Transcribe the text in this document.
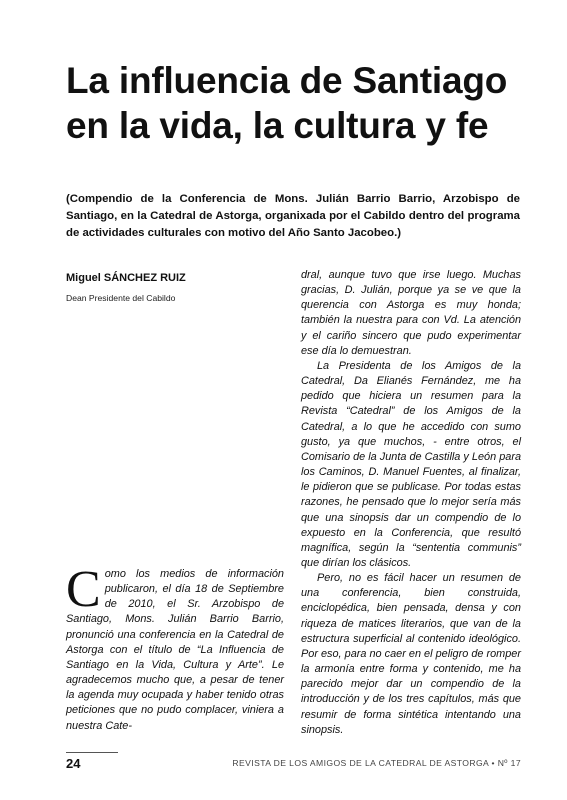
La influencia de Santiago en la vida, la cultura y fe
(Compendio de la Conferencia de Mons. Julián Barrio Barrio, Arzobispo de Santiago, en la Catedral de Astorga, organixada por el Cabildo dentro del programa de actividades culturales con motivo del Año Santo Jacobeo.)
Miguel SÁNCHEZ RUIZ
Dean Presidente del Cabildo

Como los medios de información publicaron, el día 18 de Septiembre de 2010, el Sr. Arzobispo de Santiago, Mons. Julián Barrio Barrio, pronunció una conferencia en la Catedral de Astorga con el título de “La Influencia de Santiago en la Vida, Cultura y Arte”. Le agradecemos mucho que, a pesar de tener la agenda muy ocupada y haber tenido otras peticiones que no pudo complacer, viniera a nuestra Cate-

dral, aunque tuvo que irse luego. Muchas gracias, D. Julián, porque ya se ve que la querencia con Astorga es muy honda; también la nuestra para con Vd. La atención y el cariño sincero que pudo experimentar ese día lo demuestran.

La Presidenta de los Amigos de la Catedral, Da Elianés Fernández, me ha pedido que hiciera un resumen para la Revista “Catedral” de los Amigos de la Catedral, a lo que he accedido con sumo gusto, ya que muchos, - entre otros, el Comisario de la Junta de Castilla y León para los Caminos, D. Manuel Fuentes, al finalizar, le pidieron que se publicase. Por todas estas razones, he pensado que lo mejor sería más que una sinopsis dar un compendio de lo expuesto en la Conferencia, que resultó magnífica, según la “sententia communis” que dirían los clásicos.

Pero, no es fácil hacer un resumen de una conferencia, bien construida, enciclopédica, bien pensada, densa y con riqueza de matices literarios, que van de la estructura superficial al contenido ideológico. Por eso, para no caer en el peligro de romper la armonía entre forma y contenido, me ha parecido mejor dar un compendio de la introducción y de los tres capítulos, más que resumir de forma sintética intentando una sinopsis.

24	REVISTA DE LOS AMIGOS DE LA CATEDRAL DE ASTORGA • Nº 17
